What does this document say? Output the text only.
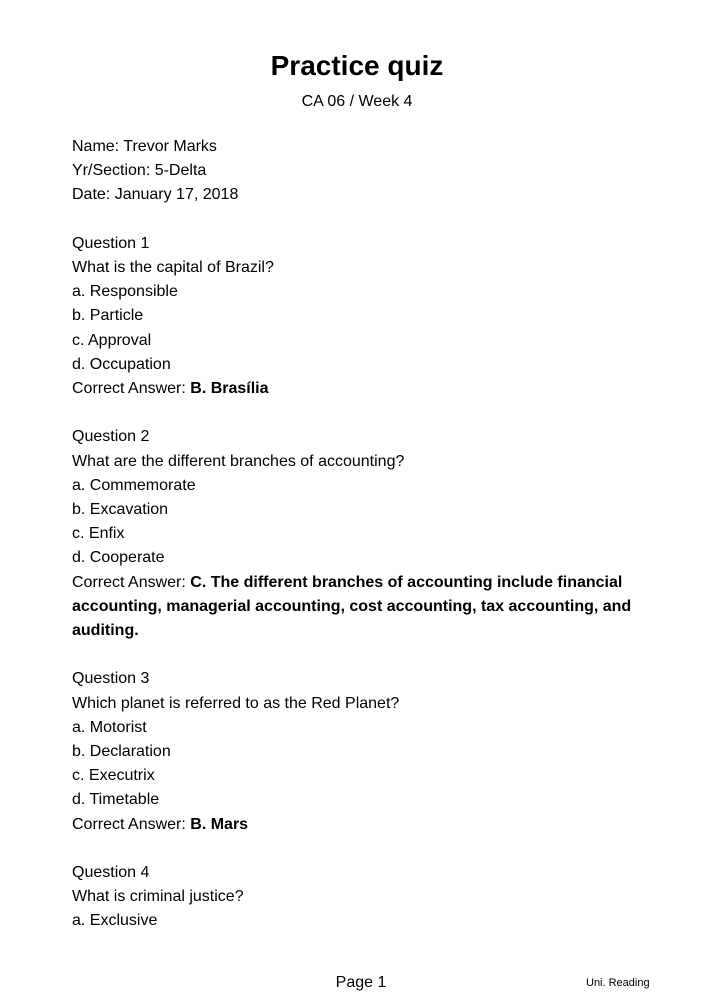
Practice quiz
CA 06 / Week 4
Name: Trevor Marks
Yr/Section: 5-Delta
Date: January 17, 2018
Question 1
What is the capital of Brazil?
a. Responsible
b. Particle
c. Approval
d. Occupation
Correct Answer: B. Brasília
Question 2
What are the different branches of accounting?
a. Commemorate
b. Excavation
c. Enfix
d. Cooperate
Correct Answer: C. The different branches of accounting include financial accounting, managerial accounting, cost accounting, tax accounting, and auditing.
Question 3
Which planet is referred to as the Red Planet?
a. Motorist
b. Declaration
c. Executrix
d. Timetable
Correct Answer: B. Mars
Question 4
What is criminal justice?
a. Exclusive
Page 1	Uni. Reading
